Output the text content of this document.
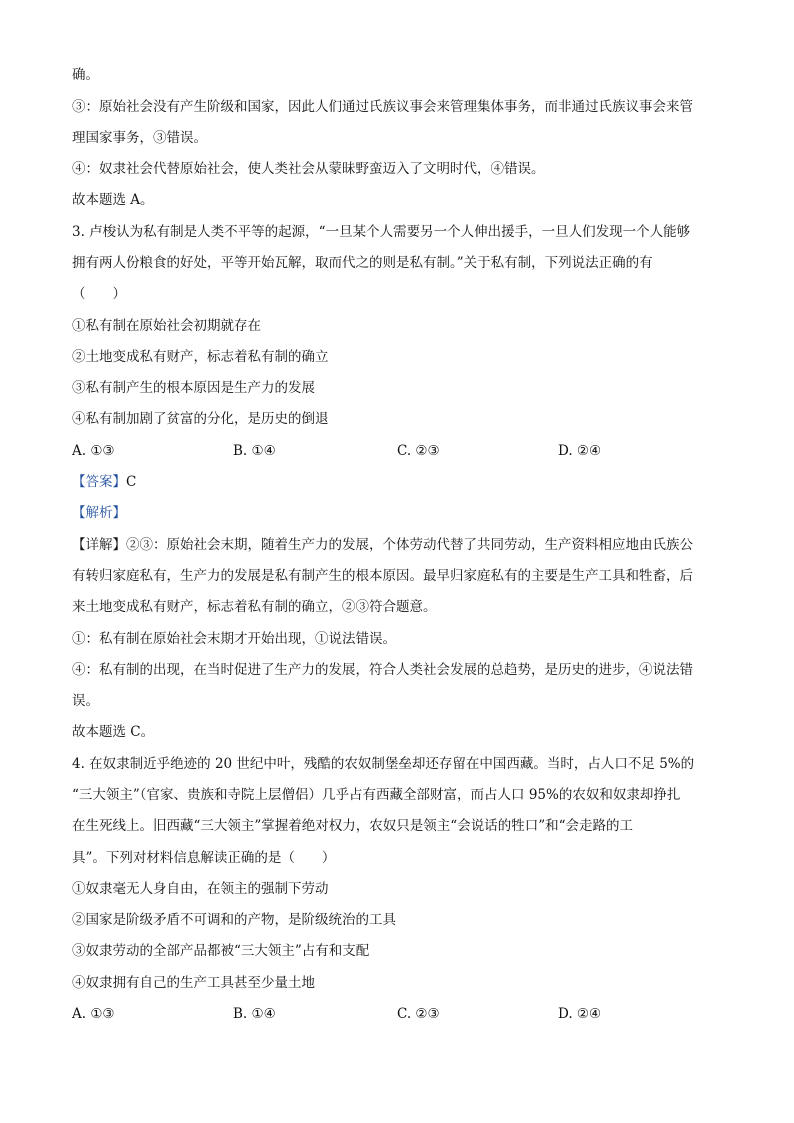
确。
③：原始社会没有产生阶级和国家，因此人们通过氏族议事会来管理集体事务，而非通过氏族议事会来管
理国家事务，③错误。
④：奴隶社会代替原始社会，使人类社会从蒙昧野蛮迈入了文明时代，④错误。
故本题选 A。
3. 卢梭认为私有制是人类不平等的起源，“一旦某个人需要另一个人伸出援手，一旦人们发现一个人能够
拥有两人份粮食的好处，平等开始瓦解，取而代之的则是私有制。”关于私有制，下列说法正确的有
（　　）
①私有制在原始社会初期就存在
②土地变成私有财产，标志着私有制的确立
③私有制产生的根本原因是生产力的发展
④私有制加剧了贫富的分化，是历史的倒退
A. ①③	B. ①④	C. ②③	D. ②④
【答案】C
【解析】
【详解】②③：原始社会末期，随着生产力的发展，个体劳动代替了共同劳动，生产资料相应地由氏族公
有转归家庭私有，生产力的发展是私有制产生的根本原因。最早归家庭私有的主要是生产工具和牲畜，后
来土地变成私有财产，标志着私有制的确立，②③符合题意。
①：私有制在原始社会末期才开始出现，①说法错误。
④：私有制的出现，在当时促进了生产力的发展，符合人类社会发展的总趋势，是历史的进步，④说法错
误。
故本题选 C。
4. 在奴隶制近乎绝迹的 20 世纪中叶，残酷的农奴制堡垒却还存留在中国西藏。当时，占人口不足 5%的
“三大领主”（官家、贵族和寺院上层僧侣）几乎占有西藏全部财富，而占人口 95%的农奴和奴隶却挣扎
在生死线上。旧西藏“三大领主”掌握着绝对权力，农奴只是领主“会说话的牲口”和“会走路的工
具”。下列对材料信息解读正确的是（　　）
①奴隶毫无人身自由，在领主的强制下劳动
②国家是阶级矛盾不可调和的产物，是阶级统治的工具
③奴隶劳动的全部产品都被“三大领主”占有和支配
④奴隶拥有自己的生产工具甚至少量土地
A. ①③	B. ①④	C. ②③	D. ②④
